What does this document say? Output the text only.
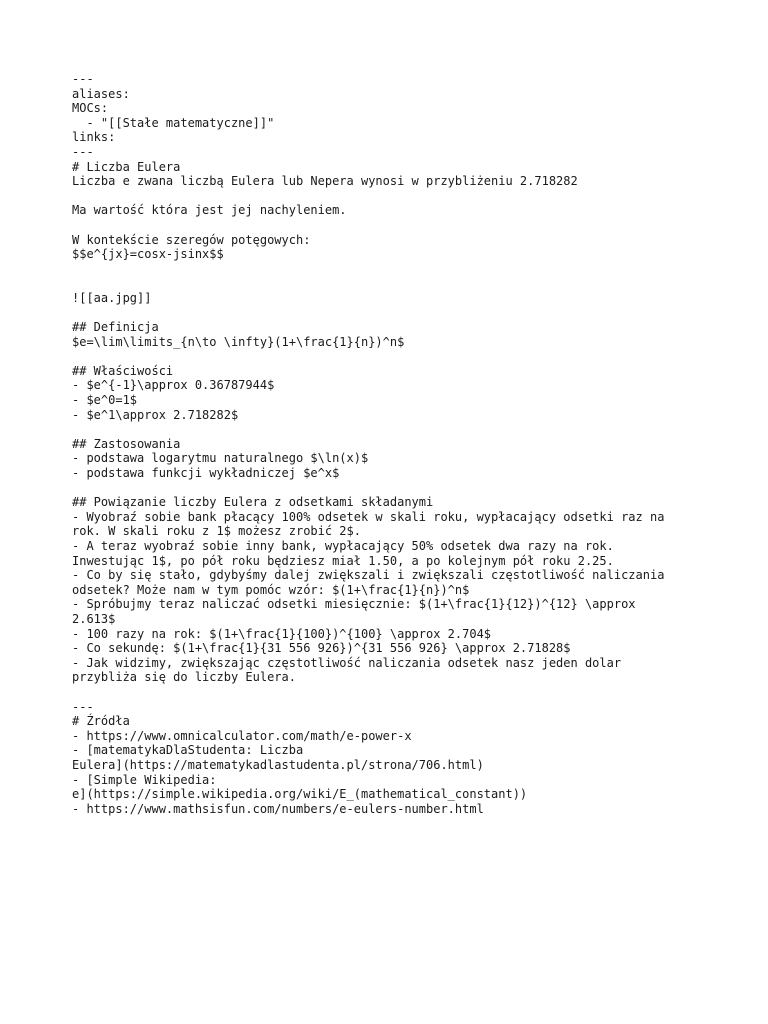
---
aliases:
MOCs:
- "[[Stałe matematyczne]]"
links:
---
# Liczba Eulera
Liczba e zwana liczbą Eulera lub Nepera wynosi w przybliżeniu 2.718282
Ma wartość która jest jej nachyleniem.
W kontekście szeregów potęgowych:
$$e^{jx}=cosx-jsinx$$
![[aa.jpg]]
## Definicja
$e=\lim\limits_{n\to \infty}(1+\frac{1}{n})^n$
## Właściwości
- $e^{-1}\approx 0.36787944$
- $e^0=1$
- $e^1\approx 2.718282$
## Zastosowania
- podstawa logarytmu naturalnego $\ln(x)$
- podstawa funkcji wykładniczej $e^x$
## Powiązanie liczby Eulera z odsetkami składanymi
- Wyobraź sobie bank płacący 100% odsetek w skali roku, wypłacający odsetki raz na
rok. W skali roku z 1$ możesz zrobić 2$.
- A teraz wyobraź sobie inny bank, wypłacający 50% odsetek dwa razy na rok.
Inwestując 1$, po pół roku będziesz miał 1.50, a po kolejnym pół roku 2.25.
- Co by się stało, gdybyśmy dalej zwiększali i zwiększali częstotliwość naliczania
odsetek? Może nam w tym pomóc wzór: $(1+\frac{1}{n})^n$
- Spróbujmy teraz naliczać odsetki miesięcznie: $(1+\frac{1}{12})^{12} \approx
2.613$
- 100 razy na rok: $(1+\frac{1}{100})^{100} \approx 2.704$
- Co sekundę: $(1+\frac{1}{31 556 926})^{31 556 926} \approx 2.71828$
- Jak widzimy, zwiększając częstotliwość naliczania odsetek nasz jeden dolar
przybliża się do liczby Eulera.
---
# Źródła
- https://www.omnicalculator.com/math/e-power-x
- [matematykaDlaStudenta: Liczba
Eulera](https://matematykadlastudenta.pl/strona/706.html)
- [Simple Wikipedia:
e](https://simple.wikipedia.org/wiki/E_(mathematical_constant))
- https://www.mathsisfun.com/numbers/e-eulers-number.html
